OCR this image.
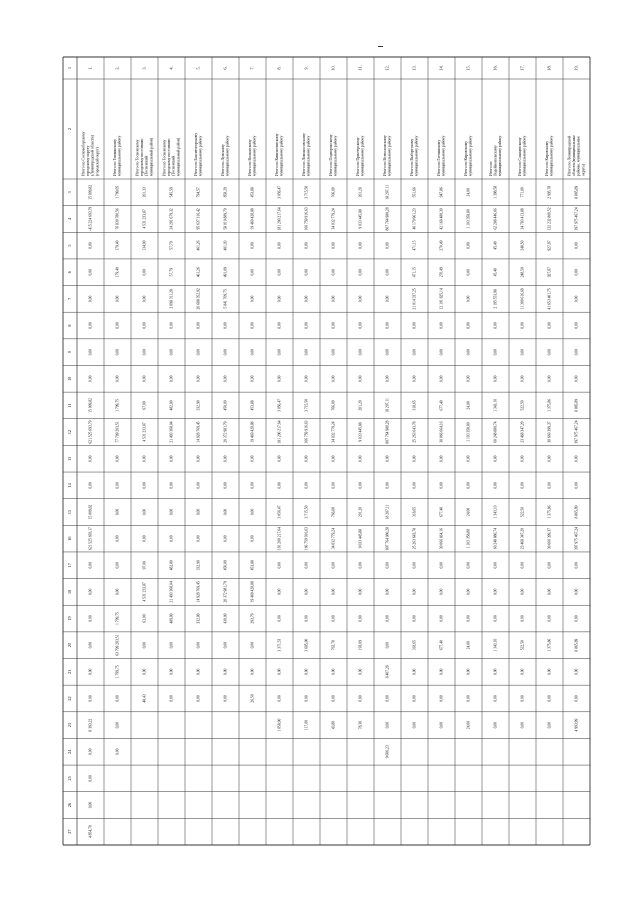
1
2
3
4
5
6
7
8
9
10
11
12
13
14
15
16
17
18
19
20
21
22
23
24
25
26
27
1.
Итого по Сосновоборскому городскому округу (Ленинградской области) (городской округ)
15 009,82
-415 224 693,79
0,00
0,00
0,00
0,00
0,00
0,00
15 009,82
621 525 693,79
0,00
0,00
15 009,82
621 525 693,17
0,00
0,00
0,00
0,00
0,00
0,00
8 393,22
0,00
0,00
0,00
4 854,70
2.
Итого по Тихвинскому муниципальному району
1 799,05
76 830 780,56
179,40
179,40
0,00
0,00
0,00
0,00
1 799,75
77 799 203,51
0,00
0,00
0,00
0,00
0,00
0,00
1 799,75
63 799 203,51
1 799,75
0,00
0,00
0,00
3.
Итого по Тосненскому городскому поселению (Тосненский муниципальный район)
201,33
4 531 233,87
134,00
0,00
0,00
0,00
0,00
0,00
67,00
4 531 233,87
0,00
0,00
0,00
0,00
97,00
4 531 233,87
63,00
0,00
0,00
48,43
4.
Итого по Тосненскому городскому поселению (Тосненский муниципальный район)
545,59
24 281 679,32
57,79
57,79
2 098 311,28
0,00
0,00
0,00
482,80
21 493 368,04
0,00
0,00
0,00
0,00
482,80
21 493 368,04
489,80
0,00
0,00
0,00
5.
Итого по Бокситогорскому муниципальному району
794,57
95 637 316,42
461,26
461,26
26 688 352,92
0,00
0,00
0,00
332,90
14 928 769,45
0,00
0,00
0,00
0,00
332,90
14 928 769,45
332,80
0,00
0,00
0,00
6.
Итого по Лужскому муниципальному району
858,29
58 019 889,79
401,03
491,09
5 841 709,75
0,00
0,00
0,00
450,00
20 372 981,79
0,00
0,00
0,00
0,00
450,00
20 372 981,79
430,00
0,00
0,00
0,00
7.
Итого по Волховскому муниципальному району
453,88
19 469 428,88
0,00
0,00
0,00
0,00
0,00
0,00
453,88
19 469 428,88
0,00
0,00
0,00
0,00
453,88
19 469 428,88
293,79
0,00
0,00
26,50
8.
Итого по Кингисеппскому муниципальному району
3 056,47
181 200 217,64
0,00
0,00
0,00
0,00
0,00
0,00
3 056,47
181 200 217,64
0,00
0,00
3 056,47
181 200 217,64
0,00
0,00
0,00
3 371,53
0,00
0,00
1 058,90
9.
Итого по Ломоносовскому муниципальному району
3 715,50
166 759 916,63
0,00
0,00
0,00
0,00
0,00
0,00
3 715,50
166 759 916,63
0,00
0,00
3 715,50
166 759 916,63
0,00
0,00
0,00
3 685,00
0,00
0,00
117,00
10.
Итого по Подпорожскому муниципальному району
766,00
34 032 779,24
0,00
0,00
0,00
0,00
0,00
0,00
766,00
34 032 779,24
0,00
0,00
766,00
34 032 779,24
0,00
0,00
0,00
763,70
0,00
0,00
43,80
11.
Итого по Приозерскому муниципальному району
201,20
9 033 445,88
0,00
0,00
0,00
0,00
0,00
0,00
201,20
9 033 445,88
0,00
0,00
201,20
9 033 445,88
0,00
0,00
0,00
193,09
0,00
0,00
78,30
12.
Итого по Всеволожскому муниципальному району
18 207,11
807 764 980,28
0,00
0,00
0,00
0,00
0,00
0,00
18 207,11
807 764 980,28
0,00
0,00
18 207,11
807 764 980,28
0,00
0,00
0,00
0,00
8 407,28
0,00
0,00
9 606,23
13.
Итого по Выборгскому муниципальному району
551,66
46 179 961,23
471,15
471,15
21 014 337,25
0,00
0,00
0,00
318,65
25 263 643,78
0,00
0,00
318,65
25 263 643,78
0,00
0,00
0,00
318,65
0,00
0,00
0,00
14.
Итого по Гатчинскому муниципальному району
947,86
42 168 480,30
270,49
270,49
12 101 825,14
0,00
0,00
0,00
677,40
30 066 664,16
0,00
0,00
677,40
30 066 664,16
0,00
0,00
0,00
677,40
0,00
0,00
0,00
15.
Итого по Кировскому муниципальному району
24,00
1 103 358,80
0,00
0,00
0,00
0,00
0,00
0,00
24,00
1 103 358,80
0,00
0,00
24,00
1 103 358,80
0,00
0,00
0,00
24,00
0,00
0,00
24,00
16.
Итого по Лодейнопольскому муниципальному району
1 398,58
62 288 446,66
45,40
45,40
2 195 553,98
0,00
0,00
0,00
1 343,10
60 248 880,74
0,00
0,00
1 343,10
60 248 880,74
0,00
0,00
0,00
1 343,10
0,00
0,00
0,00
17.
Итого по Сланцевскому муниципальному району
771,00
34 783 413,88
248,50
248,50
11 309 616,68
0,00
0,00
0,00
522,50
23 468 347,20
0,00
0,00
522,50
23 468 347,20
0,00
0,00
0,00
522,50
0,00
0,00
0,00
18.
Итого по Кировскому муниципальному району
2 995,78
132 232 800,52
927,87
927,87
41 653 401,75
0,00
0,00
0,00
1 375,86
30 660 399,37
0,00
0,00
1 375,86
30 660 399,37
0,00
0,00
0,00
1 375,86
0,00
0,00
0,00
19.
Итого по Ленинградской области (муниципальные районы, муниципальные округа)
8 865,89
397 975 467,24
0,00
0,00
0,00
0,00
0,00
0,00
8 865,89
397 975 467,24
0,00
0,00
8 865,89
397 975 467,24
0,00
0,00
0,00
8 865,89
0,00
0,00
4 993,99
